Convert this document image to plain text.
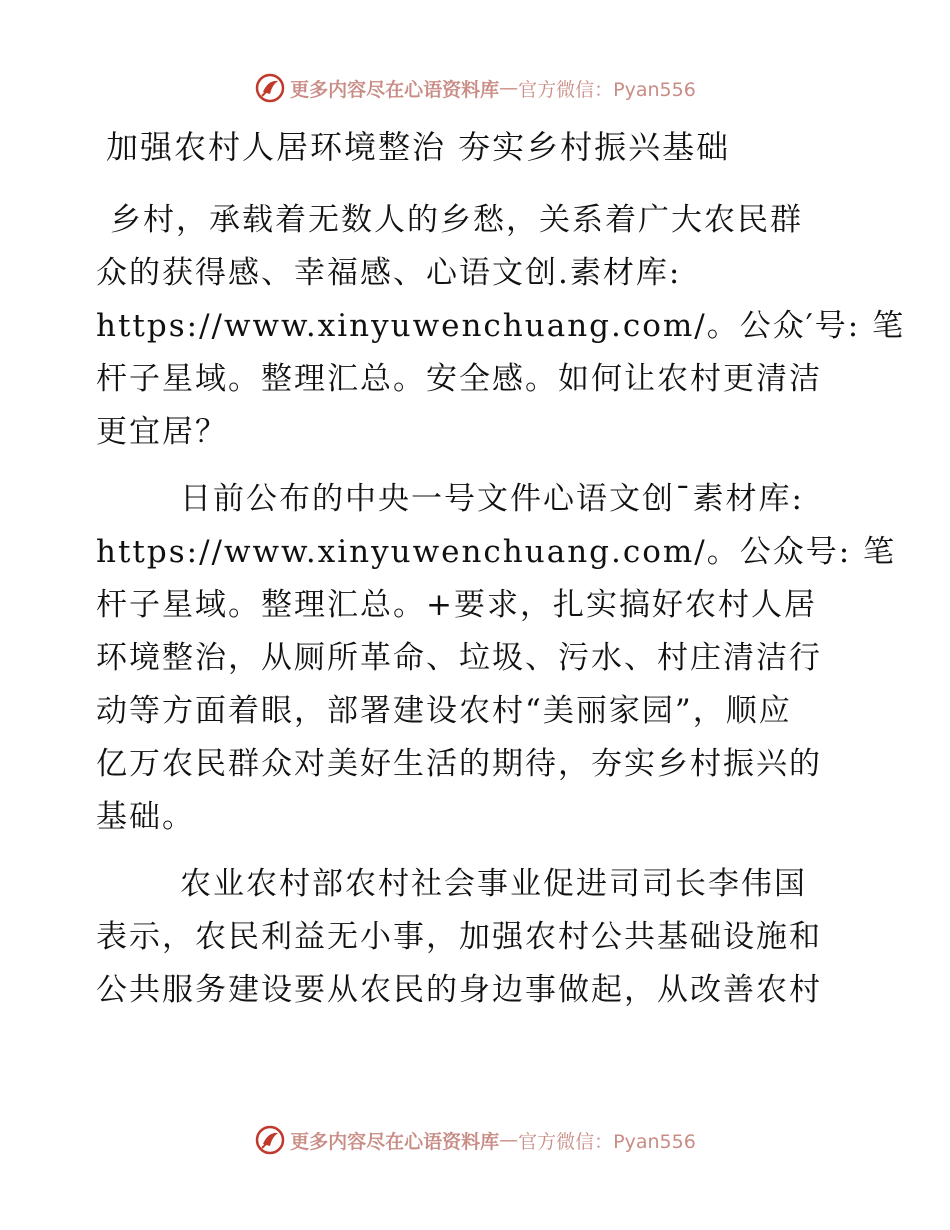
更多内容尽在心语资料库 — 官方微信：Pyan556
加强农村人居环境整治 夯实乡村振兴基础
乡村，承载着无数人的乡愁，关系着广大农民群
众的获得感、幸福感、心语文创.素材库:
https://www.xinyuwenchuang.com/。公众′号: 笔
杆子星域。整理汇总。安全感。如何让农村更清洁
更宜居？
日前公布的中央一号文件心语文创¯素材库:
https://www.xinyuwenchuang.com/。公众号: 笔
杆子星域。整理汇总。+要求，扎实搞好农村人居
环境整治，从厕所革命、垃圾、污水、村庄清洁行
动等方面着眼，部署建设农村“美丽家园”，顺应
亿万农民群众对美好生活的期待，夯实乡村振兴的
基础。
农业农村部农村社会事业促进司司长李伟国
表示，农民利益无小事，加强农村公共基础设施和
公共服务建设要从农民的身边事做起，从改善农村
更多内容尽在心语资料库 — 官方微信：Pyan556
